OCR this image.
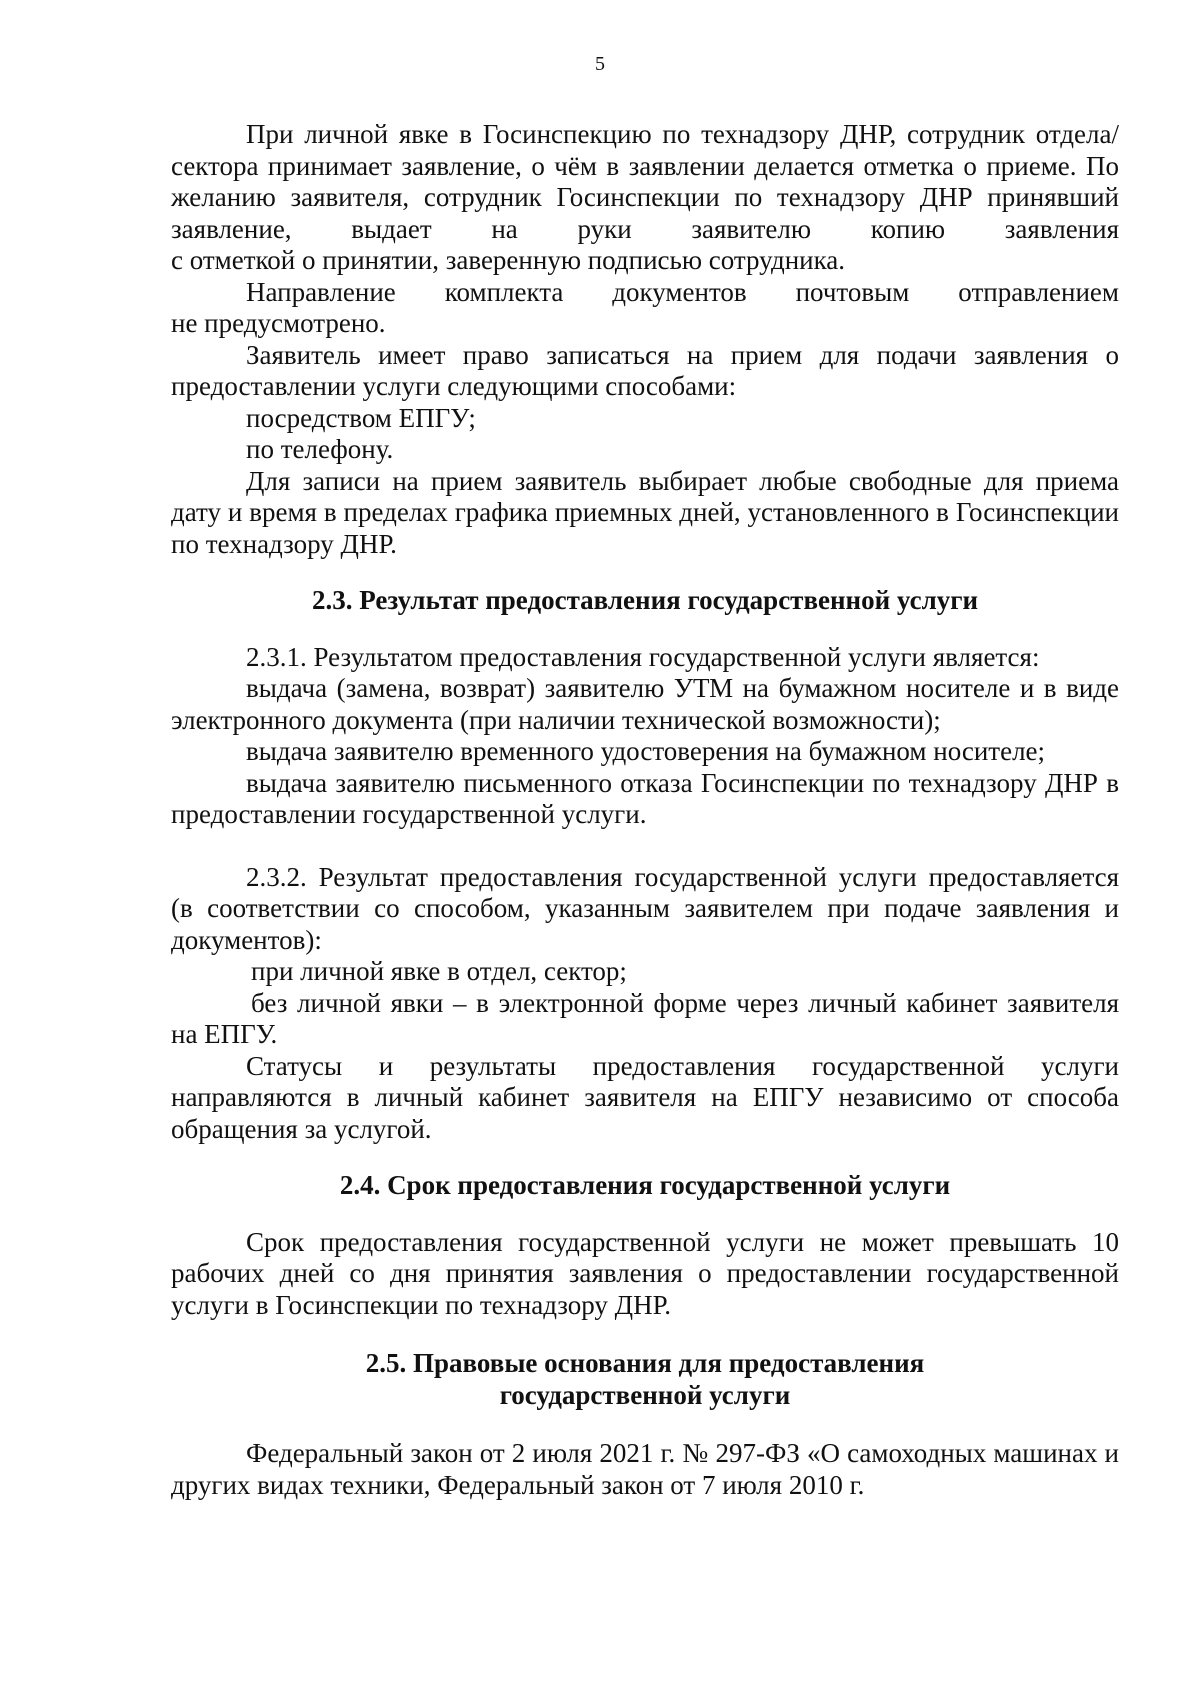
5

При личной явке в Госинспекцию по технадзору ДНР, сотрудник отдела/сектора принимает заявление, о чём в заявлении делается отметка о приеме. По желанию заявителя, сотрудник Госинспекции по технадзору ДНР принявший заявление, выдает на руки заявителю копию заявления

с отметкой о принятии, заверенную подписью сотрудника.

Направление комплекта документов почтовым отправлением

не предусмотрено.

Заявитель имеет право записаться на прием для подачи заявления о предоставлении услуги следующими способами:

посредством ЕПГУ;

по телефону.

Для записи на прием заявитель выбирает любые свободные для приема дату и время в пределах графика приемных дней, установленного в Госинспекции по технадзору ДНР.

2.3. Результат предоставления государственной услуги

2.3.1. Результатом предоставления государственной услуги является:

выдача (замена, возврат) заявителю УТМ на бумажном носителе и в виде электронного документа (при наличии технической возможности);

выдача заявителю временного удостоверения на бумажном носителе;

выдача заявителю письменного отказа Госинспекции по технадзору ДНР в предоставлении государственной услуги.

2.3.2. Результат предоставления государственной услуги предоставляется (в соответствии со способом, указанным заявителем при подаче заявления и документов):

при личной явке в отдел, сектор;

без личной явки – в электронной форме через личный кабинет заявителя на ЕПГУ.

Статусы и результаты предоставления государственной услуги направляются в личный кабинет заявителя на ЕПГУ независимо от способа обращения за услугой.

2.4. Срок предоставления государственной услуги

Срок предоставления государственной услуги не может превышать 10 рабочих дней со дня принятия заявления о предоставлении государственной услуги в Госинспекции по технадзору ДНР.

2.5. Правовые основания для предоставления
государственной услуги

Федеральный закон от 2 июля 2021 г. № 297-ФЗ «О самоходных машинах и других видах техники, Федеральный закон от 7 июля 2010 г.
